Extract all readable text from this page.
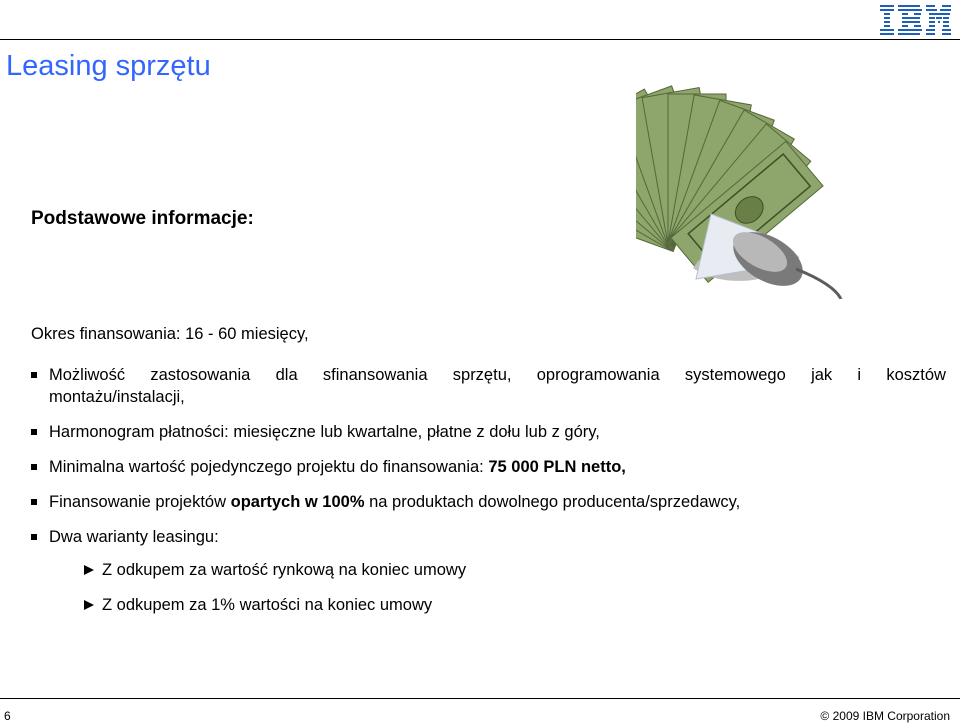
Leasing sprzętu
Podstawowe informacje:
Okres finansowania: 16 - 60 miesięcy,
Możliwość zastosowania dla sfinansowania sprzętu, oprogramowania systemowego jak i kosztów
montażu/instalacji,
Harmonogram płatności: miesięczne lub kwartalne, płatne z dołu lub z góry,
Minimalna wartość pojedynczego projektu do finansowania: 75 000 PLN netto,
Finansowanie projektów opartych w 100% na produktach dowolnego producenta/sprzedawcy,
Dwa warianty leasingu:
Z odkupem za wartość rynkową na koniec umowy
Z odkupem za 1% wartości na koniec umowy
6	© 2009 IBM Corporation
